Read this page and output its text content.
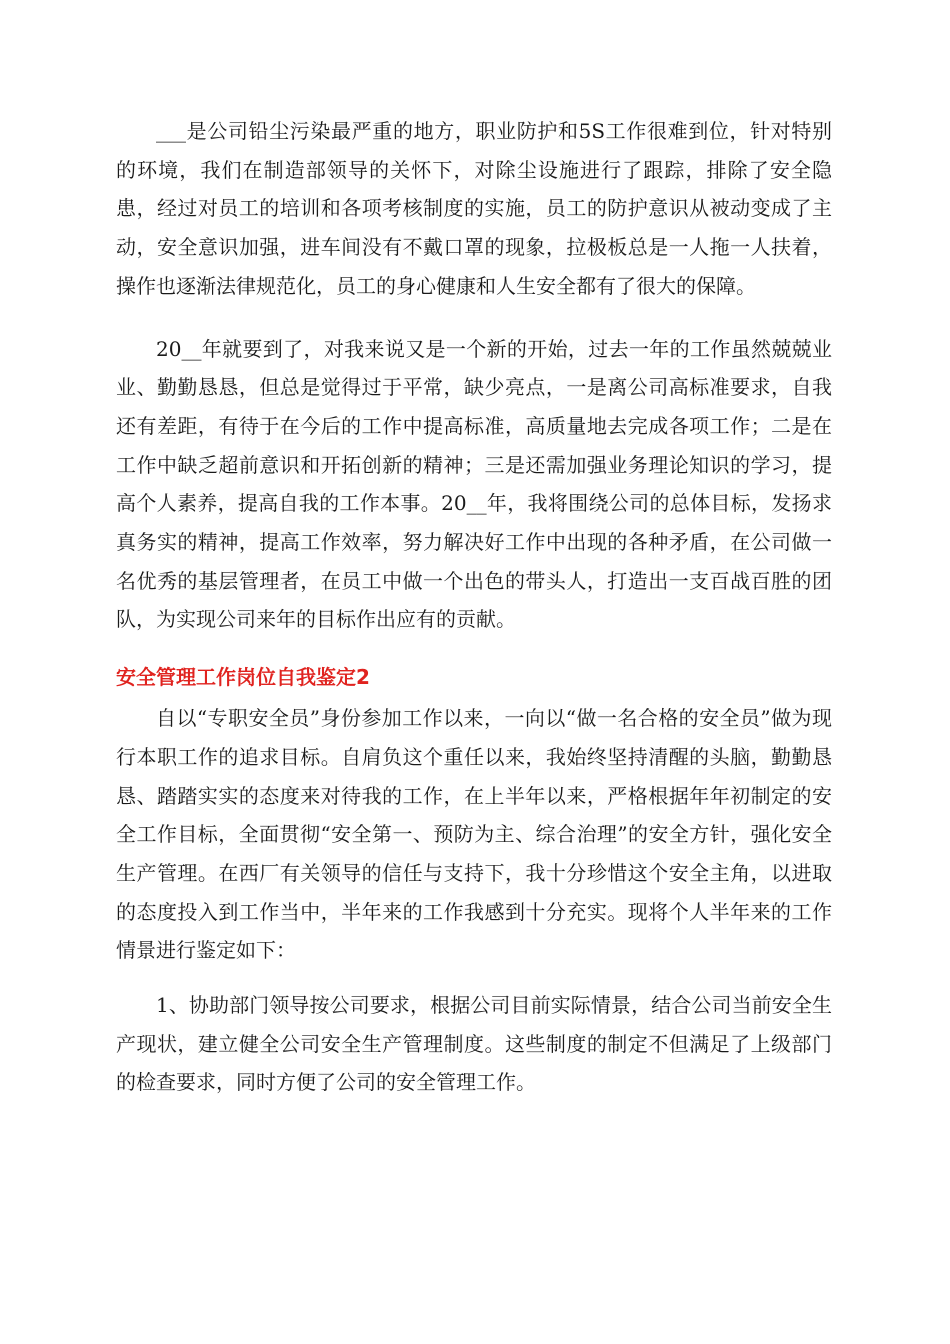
___是公司铅尘污染最严重的地方，职业防护和5S工作很难到位，针对特别的环境，我们在制造部领导的关怀下，对除尘设施进行了跟踪，排除了安全隐患，经过对员工的培训和各项考核制度的实施，员工的防护意识从被动变成了主动，安全意识加强，进车间没有不戴口罩的现象，拉极板总是一人拖一人扶着，操作也逐渐法律规范化，员工的身心健康和人生安全都有了很大的保障。

20__年就要到了，对我来说又是一个新的开始，过去一年的工作虽然兢兢业业、勤勤恳恳，但总是觉得过于平常，缺少亮点，一是离公司高标准要求，自我还有差距，有待于在今后的工作中提高标准，高质量地去完成各项工作；二是在工作中缺乏超前意识和开拓创新的精神；三是还需加强业务理论知识的学习，提高个人素养，提高自我的工作本事。20__年，我将围绕公司的总体目标，发扬求真务实的精神，提高工作效率，努力解决好工作中出现的各种矛盾，在公司做一名优秀的基层管理者，在员工中做一个出色的带头人，打造出一支百战百胜的团队，为实现公司来年的目标作出应有的贡献。

安全管理工作岗位自我鉴定2

自以“专职安全员”身份参加工作以来，一向以“做一名合格的安全员”做为现行本职工作的追求目标。自肩负这个重任以来，我始终坚持清醒的头脑，勤勤恳恳、踏踏实实的态度来对待我的工作，在上半年以来，严格根据年年初制定的安全工作目标，全面贯彻“安全第一、预防为主、综合治理”的安全方针，强化安全生产管理。在西厂有关领导的信任与支持下，我十分珍惜这个安全主角，以进取的态度投入到工作当中，半年来的工作我感到十分充实。现将个人半年来的工作情景进行鉴定如下：

1、协助部门领导按公司要求，根据公司目前实际情景，结合公司当前安全生产现状，建立健全公司安全生产管理制度。这些制度的制定不但满足了上级部门的检查要求，同时方便了公司的安全管理工作。
